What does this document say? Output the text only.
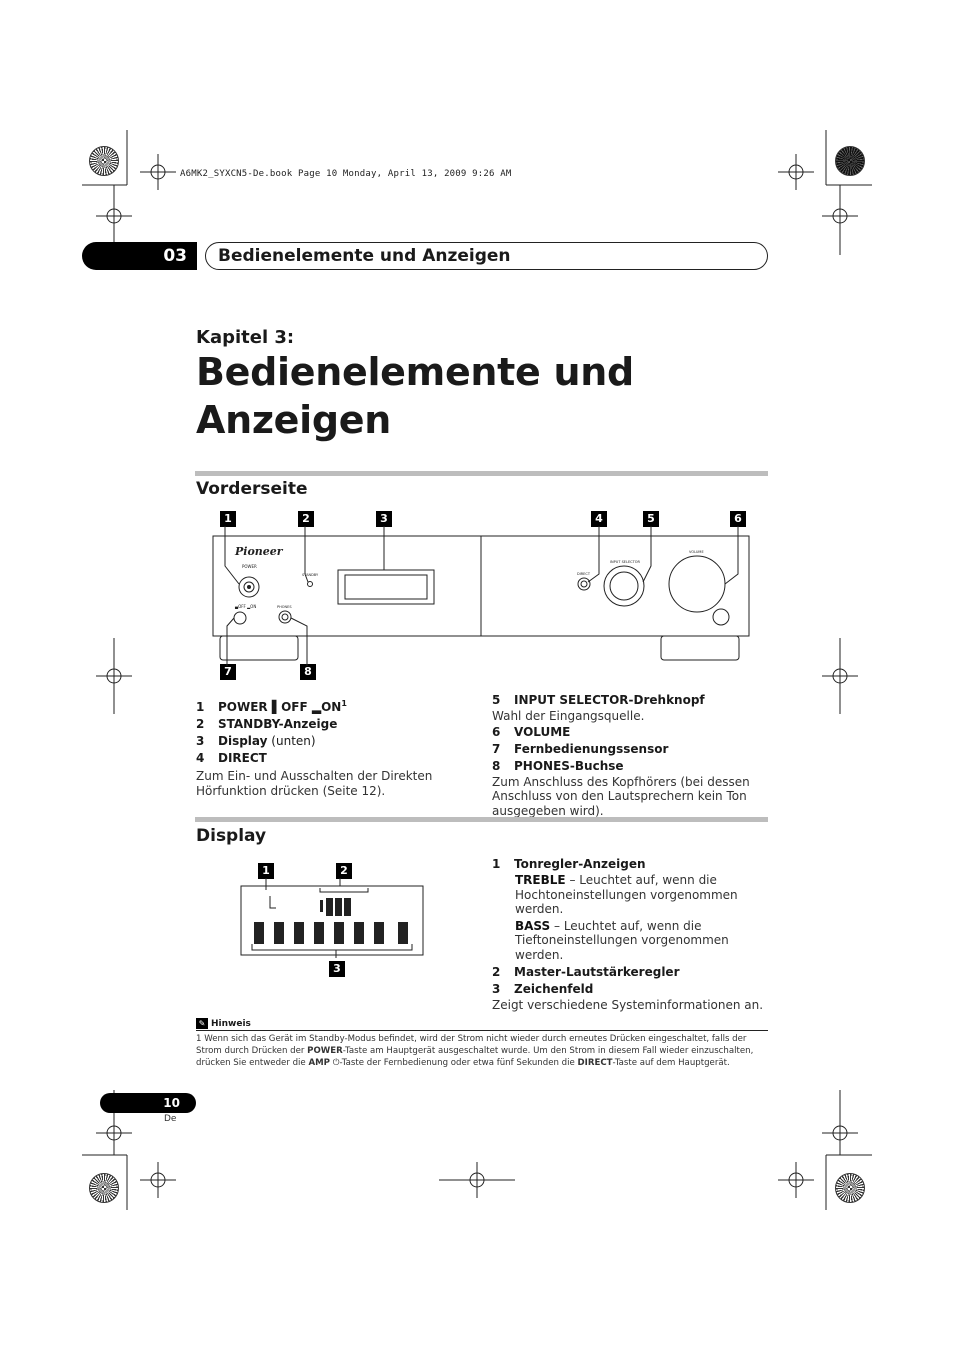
A6MK2_SYXCN5-De.book Page 10 Monday, April 13, 2009 9:26 AM
03	Bedienelemente und Anzeigen
Kapitel 3:
Bedienelemente und Anzeigen
Vorderseite
1	2	3	4	5	6
7	8
Pioneer
POWER
STANDBY
▄OFF ▂ON	PHONES
DIRECT
INPUT SELECTOR
VOLUME
1 POWER ▌OFF $▂ON^1$
2 STANDBY-Anzeige
3 Display (unten)
4 DIRECT
Zum Ein- und Ausschalten der Direkten Hörfunktion drücken (Seite 12).
5 INPUT SELECTOR-Drehknopf
Wahl der Eingangsquelle.
6 VOLUME
7 Fernbedienungssensor
8 PHONES-Buchse
Zum Anschluss des Kopfhörers (bei dessen Anschluss von den Lautsprechern kein Ton ausgegeben wird).
Display
1	2
3
1 Tonregler-Anzeigen
TREBLE – Leuchtet auf, wenn die Hochtoneinstellungen vorgenommen werden.
BASS – Leuchtet auf, wenn die Tieftoneinstellungen vorgenommen werden.
2 Master-Lautstärkeregler
3 Zeichenfeld
Zeigt verschiedene Systeminformationen an.
✎ Hinweis
1 Wenn sich das Gerät im Standby-Modus befindet, wird der Strom nicht wieder durch erneutes Drücken eingeschaltet, falls der Strom durch Drücken der POWER-Taste am Hauptgerät ausgeschaltet wurde. Um den Strom in diesem Fall wieder einzuschalten, drücken Sie entweder die AMP ⏻-Taste der Fernbedienung oder etwa fünf Sekunden die DIRECT-Taste auf dem Hauptgerät.
10
De
